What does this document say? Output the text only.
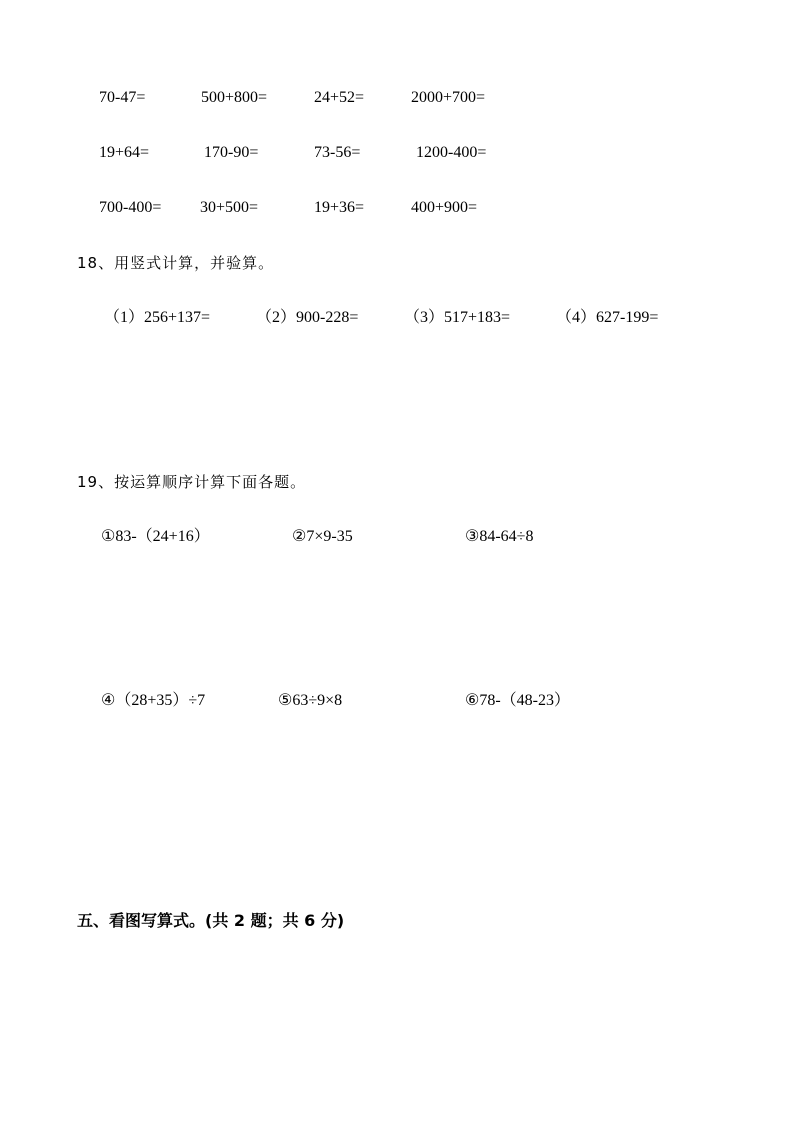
70-47=	500+800=	24+52=	2000+700=
19+64=	170-90=	73-56=	1200-400=
700-400= 30+500=	19+36=	400+900=
18、用竖式计算，并验算。
（1）256+137=	（2）900-228=	（3）517+183=	（4）627-199=
19、按运算顺序计算下面各题。
①83-（24+16）	②7×9-35	③84-64÷8
④（28+35）÷7	⑤63÷9×8	⑥78-（48-23）
五、看图写算式。(共 2 题；共 6 分)
